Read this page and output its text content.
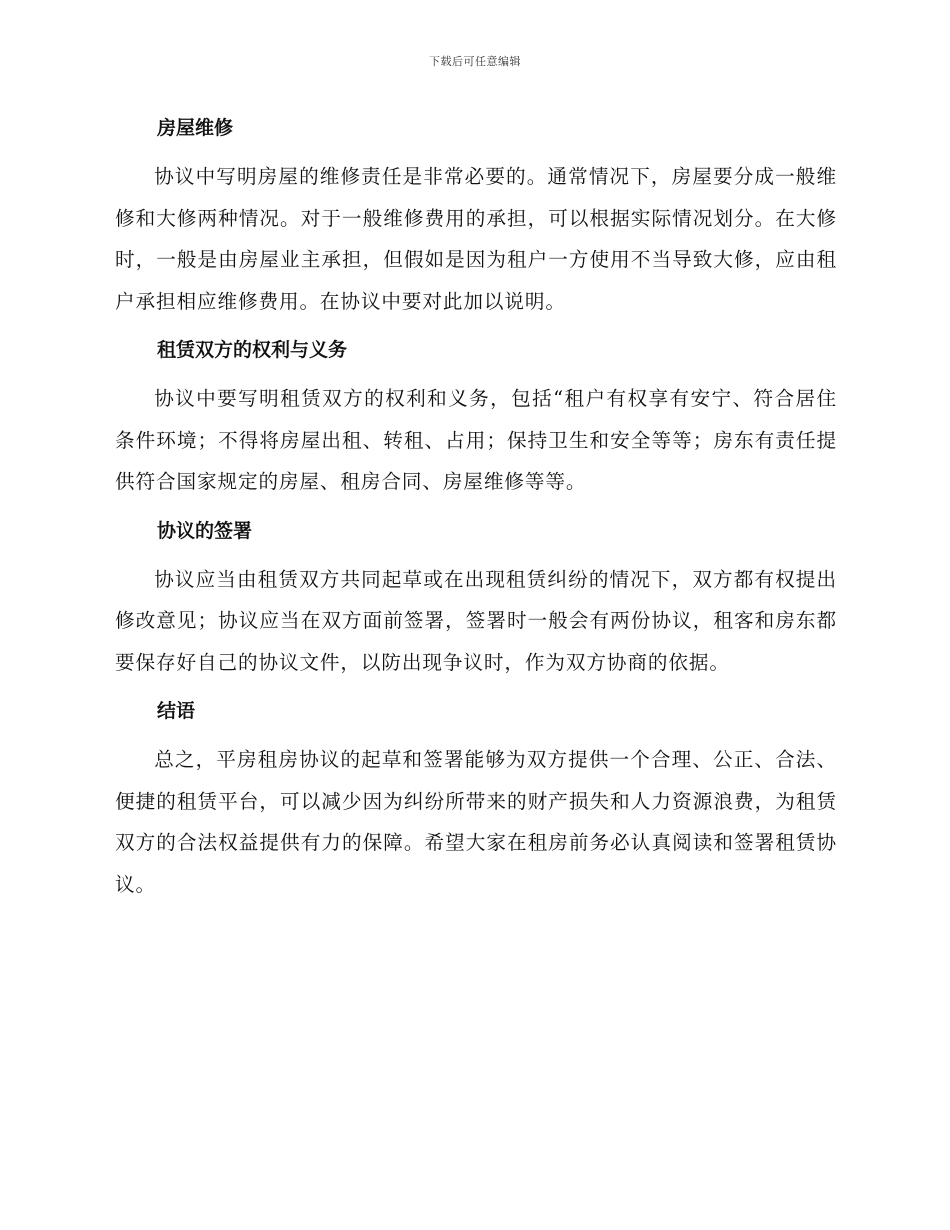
下载后可任意编辑
房屋维修

协议中写明房屋的维修责任是非常必要的。通常情况下，房屋要分成一般维修和大修两种情况。对于一般维修费用的承担，可以根据实际情况划分。在大修时，一般是由房屋业主承担，但假如是因为租户一方使用不当导致大修，应由租户承担相应维修费用。在协议中要对此加以说明。

租赁双方的权利与义务

协议中要写明租赁双方的权利和义务，包括“租户有权享有安宁、符合居住条件环境；不得将房屋出租、转租、占用；保持卫生和安全等等；房东有责任提供符合国家规定的房屋、租房合同、房屋维修等等。

协议的签署

协议应当由租赁双方共同起草或在出现租赁纠纷的情况下，双方都有权提出修改意见；协议应当在双方面前签署，签署时一般会有两份协议，租客和房东都要保存好自己的协议文件，以防出现争议时，作为双方协商的依据。

结语

总之，平房租房协议的起草和签署能够为双方提供一个合理、公正、合法、便捷的租赁平台，可以减少因为纠纷所带来的财产损失和人力资源浪费，为租赁双方的合法权益提供有力的保障。希望大家在租房前务必认真阅读和签署租赁协议。
